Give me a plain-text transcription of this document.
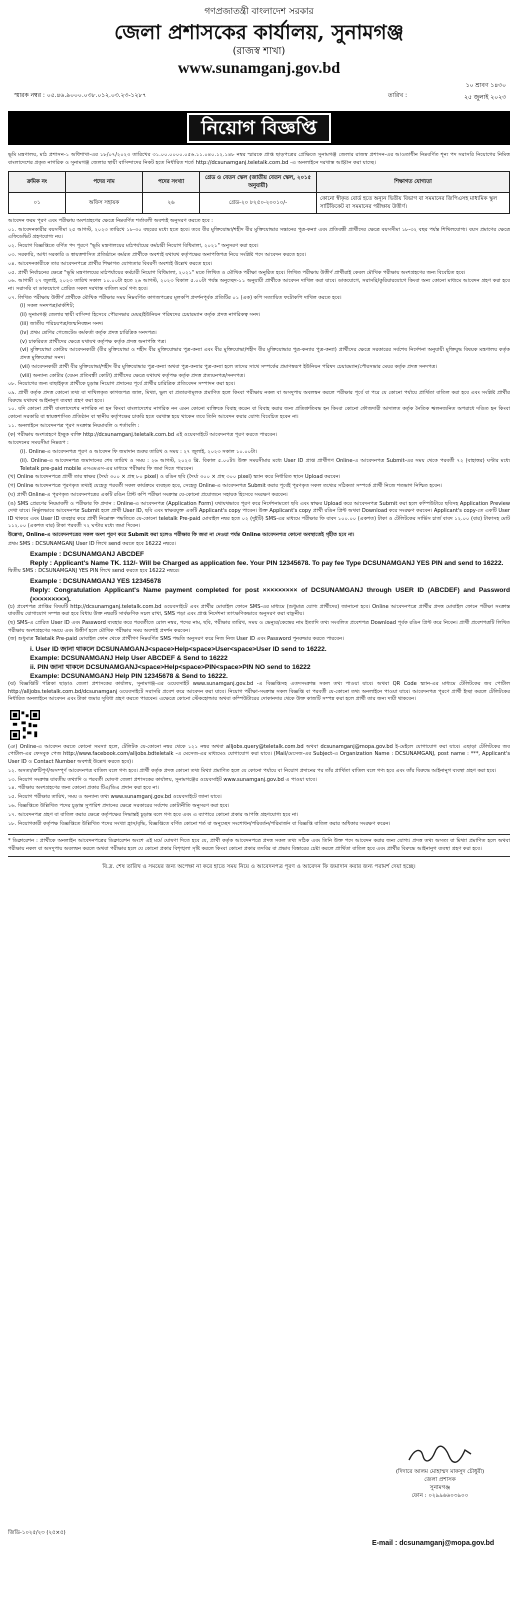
গণপ্রজাতন্ত্রী বাংলাদেশ সরকার
জেলা প্রশাসকের কার্যালয়, সুনামগঞ্জ
(রাজস্ব শাখা)
www.sunamganj.gov.bd
স্মারক নম্বর : ০৫.৪৬.৯০০০.০৩৮.০১২.০৩.২৩-১২৮৭
১০ শ্রাবণ ১৪৩০
তারিখ :	২৫ জুলাই ২০২৩
নিয়োগ বিজ্ঞপ্তি
ভূমি মন্ত্রণালয়, মাঠ প্রশাসন-১ অধিশাখা-এর ১৮/০৭/২০২৩ তারিখের ৩১.০০.০০০০.০৫৬.১১.০৪০.১২.১৪৮ নম্বর স্মারকে প্রাপ্ত ছাড়পত্রের প্রেক্ষিতে সুনামগঞ্জ জেলার রাজস্ব প্রশাসন-এর আওতাধীন নিম্নবর্ণিত শূন্য পদ সরাসরি নিয়োগের নিমিত্ত বাংলাদেশের প্রকৃত নাগরিক ও সুনামগঞ্জ জেলার স্থায়ী বাসিন্দাদের নিকট হতে নির্ধারিত শর্তে http://dcsunamganj.teletalk.com.bd -এ অনলাইনে দরখাস্ত আহ্বান করা যাচ্ছে।
ক্রমিক নং	পদের নাম	পদের সংখ্যা	গ্রেড ও বেতন স্কেল (জাতীয় বেতন স্কেল, ২০১৫ অনুযায়ী)	শিক্ষাগত যোগ্যতা
০১	অফিস সহায়ক	২৬	গ্রেড-২০ ৮২৫০-২০০১০/-	কোনো স্বীকৃত বোর্ড হতে অন্যূন দ্বিতীয় বিভাগ বা সমমানের জিপিএসহ মাধ্যমিক স্কুল সার্টিফিকেট বা সমমানের পরীক্ষায় উত্তীর্ণ।

আবেদন ফরম পূরণ এবং পরীক্ষায় অংশগ্রহণের ক্ষেত্রে নিম্নবর্ণিত শর্তাবলী অবশ্যই অনুসরণ করতে হবে :

০১. আবেদনকারীর বয়সসীমা ২৫ আগস্ট, ২০২৩ তারিখে ১৮-৩০ বছরের মধ্যে হতে হবে। তবে বীর মুক্তিযোদ্ধা/শহীদ বীর মুক্তিযোদ্ধার সন্তানের পুত্র-কন্যা এবং প্রতিবন্ধী প্রার্থীদের ক্ষেত্রে বয়সসীমা ১৮-৩২ বছর পর্যন্ত শিথিলযোগ্য। বয়স প্রমাণের ক্ষেত্রে এফিডেভিট গ্রহণযোগ্য নয়।

০২. নিয়োগ বিজ্ঞপ্তিতে বর্ণিত পদ পূরণে "ভূমি মন্ত্রণালয়ের মাঠপর্যায়ের কর্মচারী নিয়োগ বিধিমালা, ২০২১" অনুসরণ করা হবে।

০৩. সরকারি, আধা সরকারি ও স্বায়ত্তশাসিত প্রতিষ্ঠানে কর্মরত প্রার্থীকে অবশ্যই যথাযথ কর্তৃপক্ষের অনাপত্তিপত্র নিয়ে সংশ্লিষ্ট পদে আবেদন করতে হবে।

০৪. আবেদনকারীকে তার আবেদনপত্রে প্রার্থীর শিক্ষাগত যোগ্যতার বিবরণী অবশ্যই উল্লেখ করতে হবে।

০৫. প্রার্থী নির্বাচনের ক্ষেত্রে "ভূমি মন্ত্রণালয়ের মাঠপর্যায়ের কর্মচারী নিয়োগ বিধিমালা, ২০২১" মতে লিখিত ও মৌখিক পরীক্ষা অনুষ্ঠিত হবে। লিখিত পরীক্ষায় উত্তীর্ণ প্রার্থীরাই কেবল মৌখিক পরীক্ষায় অংশগ্রহণের জন্য বিবেচিত হবে।

০৬. আগামী ২৭ জুলাই, ২০২৩ তারিখ সকাল ১০.০০টা হতে ২৬ আগস্ট, ২০২৩ বিকাল ৫.০০টা পর্যন্ত অনুচ্ছেদ-১১ অনুযায়ী প্রার্থীকে আবেদন দাখিল করা যাবে। ডাকযোগে, সরাসরি/কুরিয়ারযোগে কিংবা অন্য কোনো মাধ্যমে আবেদন গ্রহণ করা হবে না। সরাসরি বা ডাকযোগে প্রেরিত সকল দরখাস্ত বাতিল মর্মে গণ্য হবে।

০৭. লিখিত পরীক্ষায় উত্তীর্ণ প্রার্থীকে মৌখিক পরীক্ষার সময় নিম্নবর্ণিত কাগজপত্রের মূলকপি প্রদর্শনপূর্বক প্রতিটির ০১ (এক) কপি সত্যায়িত ফটোকপি দাখিল করতে হবে।

(i) সকল সনদপত্র/মার্কশিট;

(ii) সুনামগঞ্জ জেলার স্থায়ী বাসিন্দা হিসেবে পৌরসভার মেয়র/ইউনিয়ন পরিষদের চেয়ারম্যান কর্তৃক প্রদত্ত নাগরিকত্ব সনদ।

(iii) জাতীয় পরিচয়পত্র/জন্মনিবন্ধন সনদ।

(iv) প্রথম শ্রেণির গেজেটেড কর্মকর্তা কর্তৃক প্রদত্ত চারিত্রিক সনদপত্র।

(v) চাকরিরত প্রার্থীদের ক্ষেত্রে যথাযথ কর্তৃপক্ষ কর্তৃক প্রদত্ত অনাপত্তি পত্র।

(vi) মুক্তিযোদ্ধা কোটায় আবেদনকারী (বীর মুক্তিযোদ্ধা ও শহীদ বীর মুক্তিযোদ্ধার পুত্র-কন্যা এবং বীর মুক্তিযোদ্ধা/শহীদ বীর মুক্তিযোদ্ধার পুত্র-কন্যার পুত্র-কন্যা) প্রার্থীদের ক্ষেত্রে সরকারের সর্বশেষ নির্দেশনা অনুযায়ী মুক্তিযুদ্ধ বিষয়ক মন্ত্রণালয় কর্তৃক প্রদত্ত মুক্তিযোদ্ধা সনদ।

(vii) আবেদনকারী প্রার্থী বীর মুক্তিযোদ্ধা/শহীদ বীর মুক্তিযোদ্ধার পুত্র-কন্যা অথবা পুত্র-কন্যার পুত্র-কন্যা হলে তাদের সাথে সম্পর্কের প্রমাণস্বরূপ ইউনিয়ন পরিষদ চেয়ারম্যান/পৌরসভার মেয়র কর্তৃক প্রদত্ত সনদপত্র।

(viii) অন্যান্য কোটার (যেমন প্রতিবন্ধী কোটা) প্রার্থীদের ক্ষেত্রে যথাযথ কর্তৃপক্ষ কর্তৃক প্রদত্ত প্রত্যয়নপত্র/সনদপত্র।

০৮. নিয়োগের জন্য বাছাইকৃত প্রার্থীকে চূড়ান্ত নিয়োগ প্রদানের পূর্বে প্রার্থীর চারিত্রিক প্রতিবেদন সম্পাদন করা হবে।

০৯. প্রার্থী কর্তৃক প্রদত্ত কোনো তথ্য বা দাখিলকৃত কাগজপত্র জাল, মিথ্যা, ভুল বা প্রতারণামূলক প্রমাণিত হলে কিংবা পরীক্ষায় নকল বা অসদুপায় অবলম্বন করলে পরীক্ষার পূর্বে বা পরে যে কোনো পর্যায়ে প্রার্থিতা বাতিল করা হবে এবং সংশ্লিষ্ট প্রার্থীর বিরুদ্ধে যথাযথ আইনানুগ ব্যবস্থা গ্রহণ করা হবে।

১০. যদি কোনো প্রার্থী বাংলাদেশের নাগরিক না হন কিংবা বাংলাদেশের নাগরিক নন এমন কোনো ব্যক্তিকে বিবাহ করেন বা বিবাহ করার জন্য প্রতিশ্রুতিবদ্ধ হন কিংবা কোনো ফৌজদারী আদালত কর্তৃক নৈতিক স্খলনজনিত অপরাধে দণ্ডিত হন কিংবা কোনো সরকারি বা স্বায়ত্তশাসিত প্রতিষ্ঠান বা স্থানীয় কর্তৃপক্ষের চাকরি হতে বরখাস্ত হয়ে থাকেন তবে তিনি আবেদন করার যোগ্য বিবেচিত হবেন না।

১১. অনলাইনে আবেদনপত্র পূরণ সংক্রান্ত নিয়মাবলি ও শর্তাবলি :

(ক) পরীক্ষায় অংশগ্রহণে ইচ্ছুক ব্যক্তি http://dcsunamganj.teletalk.com.bd এই ওয়েবসাইটে আবেদনপত্র পূরণ করতে পারবেন।

আবেদনের সময়সীমা নিম্নরূপ :

(i). Online-এ আবেদনপত্র পূরণ ও আবেদন ফি জমাদান শুরুর তারিখ ও সময় : ২৭ জুলাই, ২০২৩ সকাল ১০.০০টা।

(ii). Online-এ আবেদনপত্র জমাদানের শেষ তারিখ ও সময় : ২৬ আগস্ট, ২০২৩ খ্রি. বিকাল ৫.০০টা। উক্ত সময়সীমার মধ্যে User ID প্রাপ্ত প্রার্থীগণ Online-এ আবেদনপত্র Submit-এর সময় থেকে পরবর্তী ৭২ (বাহাত্তর) ঘণ্টার মধ্যে Teletalk pre-paid mobile এসএমএস-এর মাধ্যমে পরীক্ষার ফি জমা দিতে পারবেন।

(খ) Online আবেদনপত্রে প্রার্থী তার স্বাক্ষর (দৈর্ঘ্য ৩০০ × প্রস্থ ৮০ pixel) ও রঙিন ছবি (দৈর্ঘ্য ৩০০ × প্রস্থ ৩০০ pixel) স্ক্যান করে নির্ধারিত স্থানে Upload করবেন।

(গ) Online আবেদনপত্রে পূরণকৃত তথ্যই যেহেতু পরবর্তী সকল কার্যক্রমে ব্যবহৃত হবে, সেহেতু Online-এ আবেদনপত্র Submit করার পূর্বেই পূরণকৃত সকল তথ্যের সঠিকতা সম্পর্কে প্রার্থী নিজে শতভাগ নিশ্চিত হবেন।

(ঘ) প্রার্থী Online-এ পূরণকৃত আবেদনপত্রের একটি রঙিন প্রিন্ট কপি পরীক্ষা সংক্রান্ত যে-কোনো প্রয়োজনে সহায়ক হিসেবে সংরক্ষণ করবেন।

(ঙ) SMS প্রেরণের নিয়মাবলী ও পরীক্ষার ফি প্রদান : Online-এ আবেদনপত্র (Application Form) যথাযথভাবে পূরণ করে নির্দেশনামতো ছবি এবং স্বাক্ষর Upload করে আবেদনপত্র Submit করা হলে কম্পিউটারে ছবিসহ Application Preview দেখা যাবে। নির্ভুলভাবে আবেদনপত্র Submit হলে প্রার্থী User ID, ছবি এবং স্বাক্ষরযুক্ত একটি Applicant's copy পাবেন। উক্ত Applicant's copy প্রার্থী রঙিন প্রিন্ট অথবা Download করে সংরক্ষণ করবেন। Applicant's copy-তে একটি User ID থাকবে এবং User ID ব্যবহার করে প্রার্থী নিম্নোক্ত পদ্ধতিতে যে-কোনো teletalk Pre-paid মোবাইল নম্বর হতে ০২ (দুইটি) SMS-এর মাধ্যমে পরীক্ষার ফি বাবদ ১০০.০০ (একশত) টাকা ও টেলিটকের সার্ভিস চার্জ বাবদ ১২.০০ (বার) টাকাসহ মোট ১১২.০০ (একশত বার) টাকা পরবর্তী ৭২ ঘণ্টার মধ্যে জমা দিবেন।

উল্লেখ্য, Online-এ আবেদনপত্রের সকল অংশ পূরণ করে Submit করা হলেও পরীক্ষার ফি জমা না দেওয়া পর্যন্ত Online আবেদনপত্র কোনো অবস্থাতেই গৃহীত হবে না।

প্রথম SMS : DCSUNAMGANJ User ID লিখে send করতে হবে 16222 নম্বরে।

Example : DCSUNAMGANJ ABCDEF
Reply : Applicant's Name TK. 112/- Will be Charged as application fee. Your PIN 12345678. To pay fee Type DCSUNAMGANJ YES PIN and send to 16222.

দ্বিতীয় SMS : DCSUNAMGANJ YES PIN লিখে send করতে হবে 16222 নম্বরে।

Example : DCSUNAMGANJ YES 12345678
Reply: Congratulation Applicant's Name payment completed for post ××××××××× of DCSUNAMGANJ through USER ID (ABCDEF) and Password (×××××××××).

(চ) প্রবেশপত্র প্রাপ্তির বিষয়টি http://dcsunamganj.teletalk.com.bd ওয়েবসাইটে এবং প্রার্থীর মোবাইল ফোনে SMS-এর মাধ্যমে (শুধুমাত্র যোগ্য প্রার্থীদের) জানানো হবে। Online আবেদনপত্রে প্রার্থীর প্রদত্ত মোবাইল ফোনে পরীক্ষা সংক্রান্ত যাবতীয় যোগাযোগ সম্পন্ন করা হবে বিধায় উক্ত নম্বরটি সার্বক্ষণিক সচল রাখা, SMS পড়া এবং প্রাপ্ত নির্দেশনা তাৎক্ষণিকভাবে অনুসরণ করা বাঞ্ছনীয়।

(ছ) SMS-এ প্রেরিত User ID এবং Password ব্যবহার করে পরবর্তীতে রোল নম্বর, পদের নাম, ছবি, পরীক্ষার তারিখ, সময় ও ভেন্যুর/কেন্দ্রের নাম ইত্যাদি তথ্য সংবলিত প্রবেশপত্র Download পূর্বক রঙিন প্রিন্ট করে নিবেন। প্রার্থী প্রবেশপত্রটি লিখিত পরীক্ষায় অংশগ্রহণের সময়ে এবং উত্তীর্ণ হলে মৌখিক পরীক্ষার সময় অবশ্যই প্রদর্শন করবেন।

(জ) শুধুমাত্র Teletalk Pre-paid মোবাইল ফোন থেকে প্রার্থীগণ নিম্নবর্ণিত SMS পদ্ধতি অনুসরণ করে নিজ নিজ User ID এবং Password পুনরুদ্ধার করতে পারবেন।

i. User ID জানা থাকলে DCSUNAMGANJ<space>Help<space>User<space>User ID send to 16222.
Example: DCSUNAMGANJ Help User ABCDEF & Send to 16222
ii. PIN জানা থাকলে DCSUNAMGANJ<space>Help<space>PIN<space>PIN NO send to 16222
Example: DCSUNAMGANJ Help PIN 12345678 & Send to 16222.

(ঝ) বিজ্ঞপ্তিটি পত্রিকা ছাড়াও জেলা প্রশাসকের কার্যালয়, সুনামগঞ্জ-এর ওয়েবসাইট www.sunamganj.gov.bd -এ বিজ্ঞপ্তিসহ এতদসংক্রান্ত সকল তথ্য পাওয়া যাবে। অথবা QR Code স্ক্যান-এর মাধ্যমে টেলিটকের জব পোর্টাল http://alljobs.teletalk.com.bd/dcsunamganj ওয়েবসাইটে সরাসরি প্রবেশ করে আবেদন করা যাবে। নিয়োগ পরীক্ষা-সংক্রান্ত সকল বিজ্ঞপ্তি বা পরবর্তী যে-কোনো তথ্য অনলাইনে পাওয়া যাবে। আবেদনপত্র পূরণে প্রার্থী ইচ্ছা করলে টেলিটকের নির্ধারিত অনলাইনে আবেদন এবং টাকা জমার সুবিধা গ্রহণ করতে পারবেন। এক্ষেত্রে কোনো স্টেকহোল্ডার অথবা কম্পিউটারের দোকানদার থেকে উক্ত কাজটি সম্পন্ন করা হলে প্রার্থী তার জন্য দায়ী থাকবেন।

(ঞ) Online-এ আবেদন করতে কোনো সমস্যা হলে, টেলিটক যে-কোনো নম্বর থেকে ১২১ নম্বর অথবা alljobs.query@teletalk.com.bd অথবা dcsunamganj@mopa.gov.bd ই-মেইলে যোগাযোগ করা যাবে। এছাড়া টেলিটকের জব পোর্টাল-এর ফেসবুক পেজ http://www.facebook.com/alljobs.bdteletalk -এ মেসেজ-এর মাধ্যমেও যোগাযোগ করা যাবে। (Mail/মেসেজ-এর Subject-এ Organization Name : DCSUNAMGANJ, post name : ***, Applicant's User ID ও Contact Number অবশ্যই উল্লেখ করতে হবে)।

১২. অসত্য/ত্রুটিপূর্ণ/অসম্পূর্ণ আবেদনপত্র বাতিল বলে গণ্য হবে। প্রার্থী কর্তৃক প্রদত্ত কোনো তথ্য মিথ্যা প্রমাণিত হলে যে কোনো পর্যায়ে বা নিয়োগ প্রদানের পর তাঁর প্রার্থিতা বাতিল বলে গণ্য হবে এবং তাঁর বিরুদ্ধে আইনানুগ ব্যবস্থা গ্রহণ করা হবে।

১৩. নিয়োগ সংক্রান্ত যাবতীয় তথ্যাদি ও পরবর্তী ঘোষণা জেলা প্রশাসকের কার্যালয়, সুনামগঞ্জের ওয়েবসাইট www.sunamganj.gov.bd এ পাওয়া যাবে।

১৪. পরীক্ষায় অংশগ্রহণের জন্য কোনো প্রকার টিএ/ডিএ প্রদান করা হবে না।

১৫. নিয়োগ পরীক্ষার তারিখ, সময় ও অন্যান্য তথ্য www.sunamganj.gov.bd ওয়েবসাইটে জানা যাবে।

১৬. বিজ্ঞপ্তিতে উল্লিখিত পদের চূড়ান্ত সুপারিশ প্রদানের ক্ষেত্রে সরকারের সর্বশেষ কোটানীতি অনুসরণ করা হবে।

১৭. আবেদনপত্র গ্রহণ বা বাতিল করার ক্ষেত্রে কর্তৃপক্ষের সিদ্ধান্তই চূড়ান্ত বলে গণ্য হবে এবং এ ব্যাপারে কোনো প্রকার আপত্তি গ্রহণযোগ্য হবে না।

১৮. নিয়োগকারী কর্তৃপক্ষ বিজ্ঞপ্তিতে উল্লিখিত পদের সংখ্যা হ্রাস/বৃদ্ধি, বিজ্ঞপ্তিতে বর্ণিত কোনো শর্ত বা অনুচ্ছেদ সংশোধন/পরিবর্তন/পরিমার্জন বা বিজ্ঞপ্তি বাতিল করার অধিকার সংরক্ষণ করেন।

* ডিক্লারেশন : প্রার্থীকে অনলাইন আবেদনপত্রের ডিক্লারেশন অংশে এই মর্মে ঘোষণা দিতে হবে যে, প্রার্থী কর্তৃক আবেদনপত্রে প্রদত্ত সকল তথ্য সঠিক এবং তিনি উক্ত পদে আবেদন করার জন্য যোগ্য। প্রদত্ত তথ্য অসত্য বা মিথ্যা প্রমাণিত হলে অথবা পরীক্ষায় নকল বা অসদুপায় অবলম্বন করলে অথবা পরীক্ষার হলে যে কোনো প্রকার বিশৃঙ্খলা সৃষ্টি করলে কিংবা কোনো প্রকার তদবির বা প্রভাব বিস্তারের চেষ্টা করলে প্রার্থিতা বাতিল হবে এবং প্রার্থীর বিরুদ্ধে আইনানুগ ব্যবস্থা গ্রহণ করা হবে।
বি.দ্র. শেষ তারিখ ও সময়ের জন্য অপেক্ষা না করে হাতে সময় নিয়ে ও আবেদনপত্র পূরণ ও আবেদন ফি জমাদান করার জন্য পরামর্শ দেয়া হচ্ছে।
(দিদারে আলম মোহাম্মদ মাকসুদ চৌধুরী)
জেলা প্রশাসক
সুনামগঞ্জ
ফোন : ০২৯৯৬৬০৩৯০০
জিডি-১০২৫/২৩ (২৫×৫)
E-mail : dcsunamganj@mopa.gov.bd
